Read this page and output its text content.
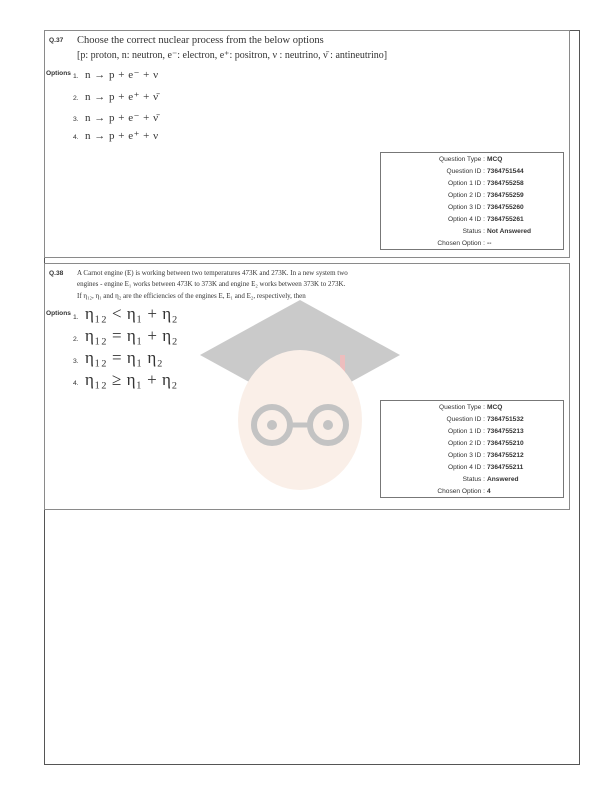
Q.37 Choose the correct nuclear process from the below options
[p: proton, n: neutron, e⁻: electron, e⁺: positron, ν : neutrino, ν̄ : antineutrino]
Options 1. n → p + e⁻ + ν
2. n → p + e⁺ + ν̄
3. n → p + e⁻ + ν̄
4. n → p + e⁺ + ν
Question Type : MCQ
Question ID : 7364751544
Option 1 ID : 7364755258
Option 2 ID : 7364755259
Option 3 ID : 7364755260
Option 4 ID : 7364755261
Status : Not Answered
Chosen Option : --
Q.38 A Carnot engine (E) is working between two temperatures 473K and 273K. In a new system two
engines - engine E₁ works between 473K to 373K and engine E₂ works between 373K to 273K.
If η₁₂, η₁ and η₂ are the efficiencies of the engines E, E₁ and E₂, respectively, then
Options
1. η₁₂ < η₁ + η₂
2. η₁₂ = η₁ + η₂
3. η₁₂ = η₁ η₂
4. η₁₂ ≥ η₁ + η₂
Question Type : MCQ
Question ID : 7364751532
Option 1 ID : 7364755213
Option 2 ID : 7364755210
Option 3 ID : 7364755212
Option 4 ID : 7364755211
Status : Answered
Chosen Option : 4
